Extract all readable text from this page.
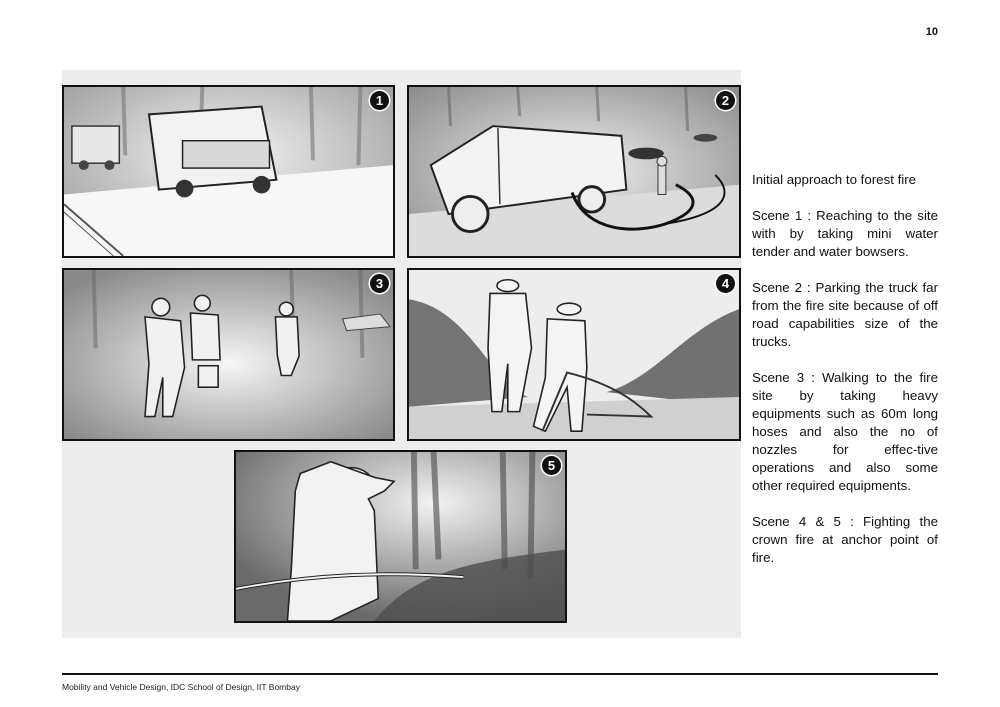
10
1	2
3	4
5

Initial approach to forest fire

Scene 1 : Reaching to the site with by taking mini water tender and water bowsers.

Scene 2 : Parking the truck far from the fire site because of off road capabilities size of the trucks.

Scene 3 : Walking to the fire site by taking heavy equipments such as 60m long hoses and also the no of nozzles for effec-tive operations and also some other required equipments.

Scene 4 & 5 : Fighting the crown fire at anchor point of fire.

Mobility and Vehicle Design, IDC School of Design, IIT Bombay
